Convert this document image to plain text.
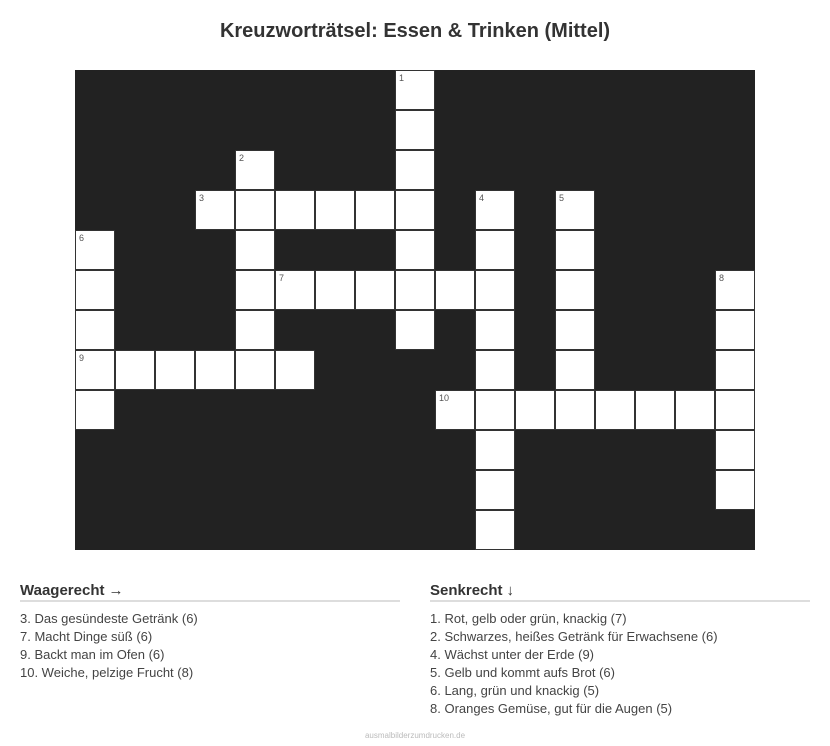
Kreuzworträtsel: Essen & Trinken (Mittel)
1
2
3	4	5
6
7	8
9
10
Waagerecht →
3. Das gesündeste Getränk (6)
7. Macht Dinge süß (6)
9. Backt man im Ofen (6)
10. Weiche, pelzige Frucht (8)
Senkrecht ↓
1. Rot, gelb oder grün, knackig (7)
2. Schwarzes, heißes Getränk für Erwachsene (6)
4. Wächst unter der Erde (9)
5. Gelb und kommt aufs Brot (6)
6. Lang, grün und knackig (5)
8. Oranges Gemüse, gut für die Augen (5)
ausmalbilderzumdrucken.de
